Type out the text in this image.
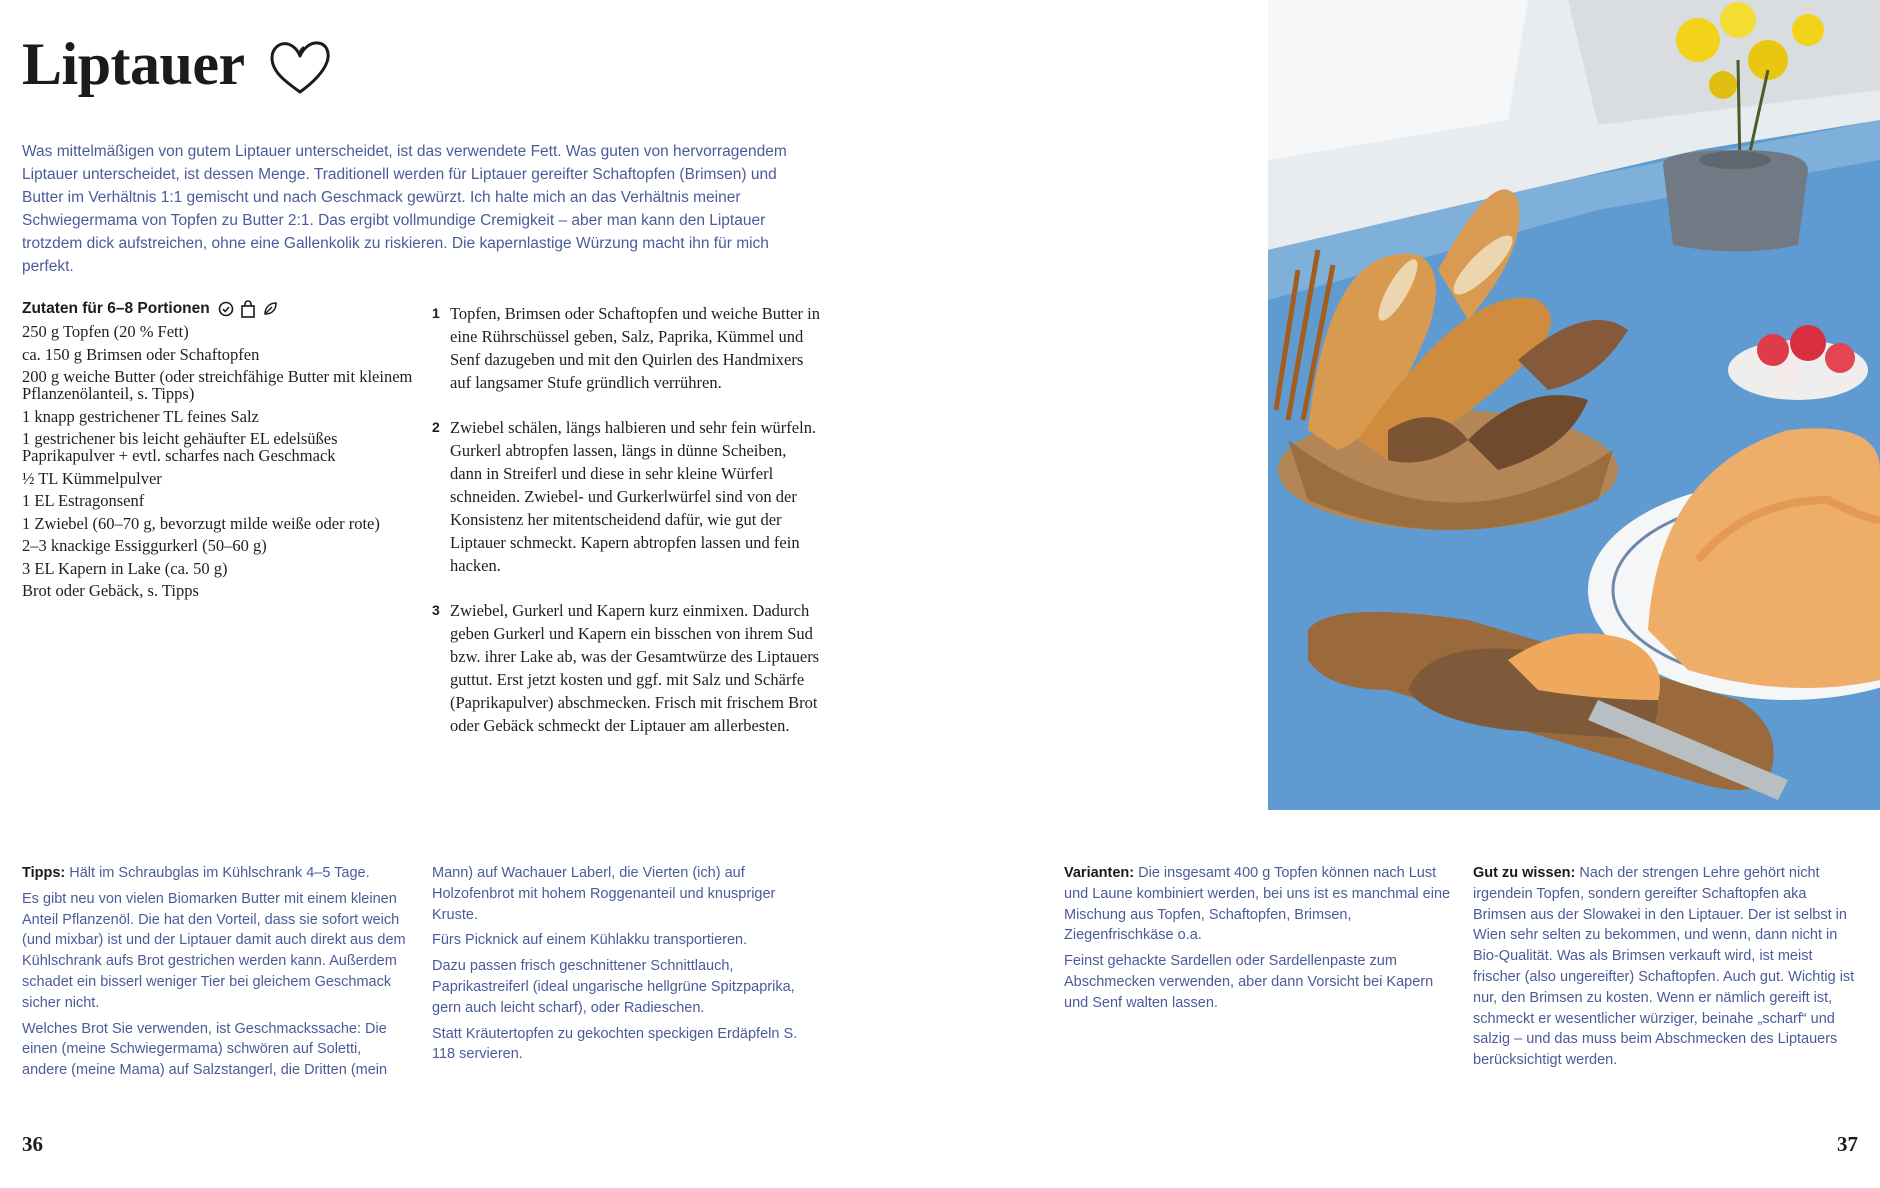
Liptauer
Was mittelmäßigen von gutem Liptauer unterscheidet, ist das verwendete Fett. Was guten von hervorragendem Liptauer unterscheidet, ist dessen Menge. Traditionell werden für Liptauer gereifter Schaftopfen (Brimsen) und Butter im Verhältnis 1:1 gemischt und nach Geschmack gewürzt. Ich halte mich an das Verhältnis meiner Schwiegermama von Topfen zu Butter 2:1. Das ergibt vollmundige Cremigkeit – aber man kann den Liptauer trotzdem dick aufstreichen, ohne eine Gallenkolik zu riskieren. Die kapernlastige Würzung macht ihn für mich perfekt.
Zutaten für 6–8 Portionen
250 g Topfen (20 % Fett)
ca. 150 g Brimsen oder Schaftopfen
200 g weiche Butter (oder streichfähige Butter mit kleinem Pflanzenölanteil, s. Tipps)
1 knapp gestrichener TL feines Salz
1 gestrichener bis leicht gehäufter EL edelsüßes Paprikapulver + evtl. scharfes nach Geschmack
½ TL Kümmelpulver
1 EL Estragonsenf
1 Zwiebel (60–70 g, bevorzugt milde weiße oder rote)
2–3 knackige Essiggurkerl (50–60 g)
3 EL Kapern in Lake (ca. 50 g)
Brot oder Gebäck, s. Tipps
1 Topfen, Brimsen oder Schaftopfen und weiche Butter in eine Rührschüssel geben, Salz, Paprika, Kümmel und Senf dazugeben und mit den Quirlen des Handmixers auf langsamer Stufe gründlich verrühren.
2 Zwiebel schälen, längs halbieren und sehr fein würfeln. Gurkerl abtropfen lassen, längs in dünne Scheiben, dann in Streiferl und diese in sehr kleine Würferl schneiden. Zwiebel- und Gurkerlwürfel sind von der Konsistenz her mitentscheidend dafür, wie gut der Liptauer schmeckt. Kapern abtropfen lassen und fein hacken.
3 Zwiebel, Gurkerl und Kapern kurz einmixen. Dadurch geben Gurkerl und Kapern ein bisschen von ihrem Sud bzw. ihrer Lake ab, was der Gesamtwürze des Liptauers guttut. Erst jetzt kosten und ggf. mit Salz und Schärfe (Paprikapulver) abschmecken. Frisch mit frischem Brot oder Gebäck schmeckt der Liptauer am allerbesten.

Tipps: Hält im Schraubglas im Kühlschrank 4–5 Tage.

Es gibt neu von vielen Biomarken Butter mit einem kleinen Anteil Pflanzenöl. Die hat den Vorteil, dass sie sofort weich (und mixbar) ist und der Liptauer damit auch direkt aus dem Kühlschrank aufs Brot gestrichen werden kann. Außerdem schadet ein bisserl weniger Tier bei gleichem Geschmack sicher nicht.

Welches Brot Sie verwenden, ist Geschmackssache: Die einen (meine Schwiegermama) schwören auf Soletti, andere (meine Mama) auf Salzstangerl, die Dritten (mein

Mann) auf Wachauer Laberl, die Vierten (ich) auf Holzofenbrot mit hohem Roggenanteil und knuspriger Kruste.

Fürs Picknick auf einem Kühlakku transportieren.

Dazu passen frisch geschnittener Schnittlauch, Paprikastreiferl (ideal ungarische hellgrüne Spitzpaprika, gern auch leicht scharf), oder Radieschen.

Statt Kräutertopfen zu gekochten speckigen Erdäpfeln S. 118 servieren.

Varianten: Die insgesamt 400 g Topfen können nach Lust und Laune kombiniert werden, bei uns ist es manchmal eine Mischung aus Topfen, Schaftopfen, Brimsen, Ziegenfrischkäse o.a.

Feinst gehackte Sardellen oder Sardellenpaste zum Abschmecken verwenden, aber dann Vorsicht bei Kapern und Senf walten lassen.

Gut zu wissen: Nach der strengen Lehre gehört nicht irgendein Topfen, sondern gereifter Schaftopfen aka Brimsen aus der Slowakei in den Liptauer. Der ist selbst in Wien sehr selten zu bekommen, und wenn, dann nicht in Bio-Qualität. Was als Brimsen verkauft wird, ist meist frischer (also ungereifter) Schaftopfen. Auch gut. Wichtig ist nur, den Brimsen zu kosten. Wenn er nämlich gereift ist, schmeckt er wesentlicher würziger, beinahe „scharf“ und salzig – und das muss beim Abschmecken des Liptauers berücksichtigt werden.

36	37
